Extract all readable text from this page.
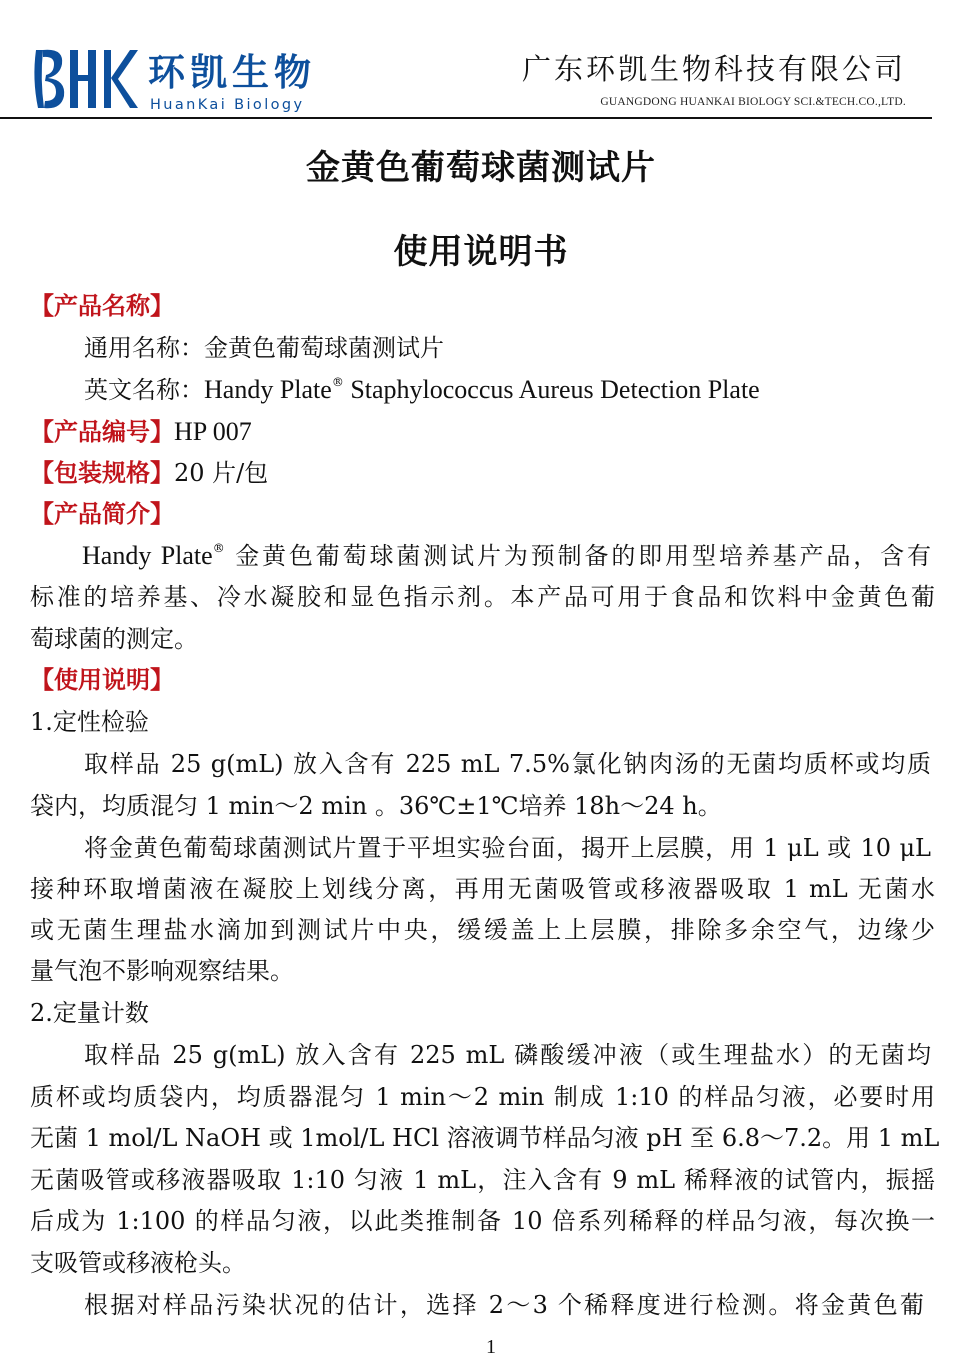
环凯生物
HuanKai Biology
广东环凯生物科技有限公司
GUANGDONG HUANKAI BIOLOGY SCI.&TECH.CO.,LTD.
金黄色葡萄球菌测试片
使用说明书
【产品名称】
通用名称：金黄色葡萄球菌测试片
英文名称：Handy Plate® Staphylococcus Aureus Detection Plate
【产品编号】HP 007
【包装规格】20 片/包
【产品简介】
Handy Plate® 金黄色葡萄球菌测试片为预制备的即用型培养基产品，含有
标准的培养基、冷水凝胶和显色指示剂。本产品可用于食品和饮料中金黄色葡
萄球菌的测定。
【使用说明】
1.定性检验
取样品 25 g(mL) 放入含有 225 mL 7.5%氯化钠肉汤的无菌均质杯或均质
袋内，均质混匀 1 min～2 min 。36℃±1℃培养 18h～24 h。
将金黄色葡萄球菌测试片置于平坦实验台面，揭开上层膜，用 1 μL 或 10 μL
接种环取增菌液在凝胶上划线分离，再用无菌吸管或移液器吸取 1 mL 无菌水
或无菌生理盐水滴加到测试片中央，缓缓盖上上层膜，排除多余空气，边缘少
量气泡不影响观察结果。
2.定量计数
取样品 25 g(mL) 放入含有 225 mL 磷酸缓冲液（或生理盐水）的无菌均
质杯或均质袋内，均质器混匀 1 min～2 min 制成 1:10 的样品匀液，必要时用
无菌 1 mol/L NaOH 或 1mol/L HCl 溶液调节样品匀液 pH 至 6.8～7.2。用 1 mL
无菌吸管或移液器吸取 1:10 匀液 1 mL，注入含有 9 mL 稀释液的试管内，振摇
后成为 1:100 的样品匀液，以此类推制备 10 倍系列稀释的样品匀液，每次换一
支吸管或移液枪头。
根据对样品污染状况的估计，选择 2～3 个稀释度进行检测。将金黄色葡
1
